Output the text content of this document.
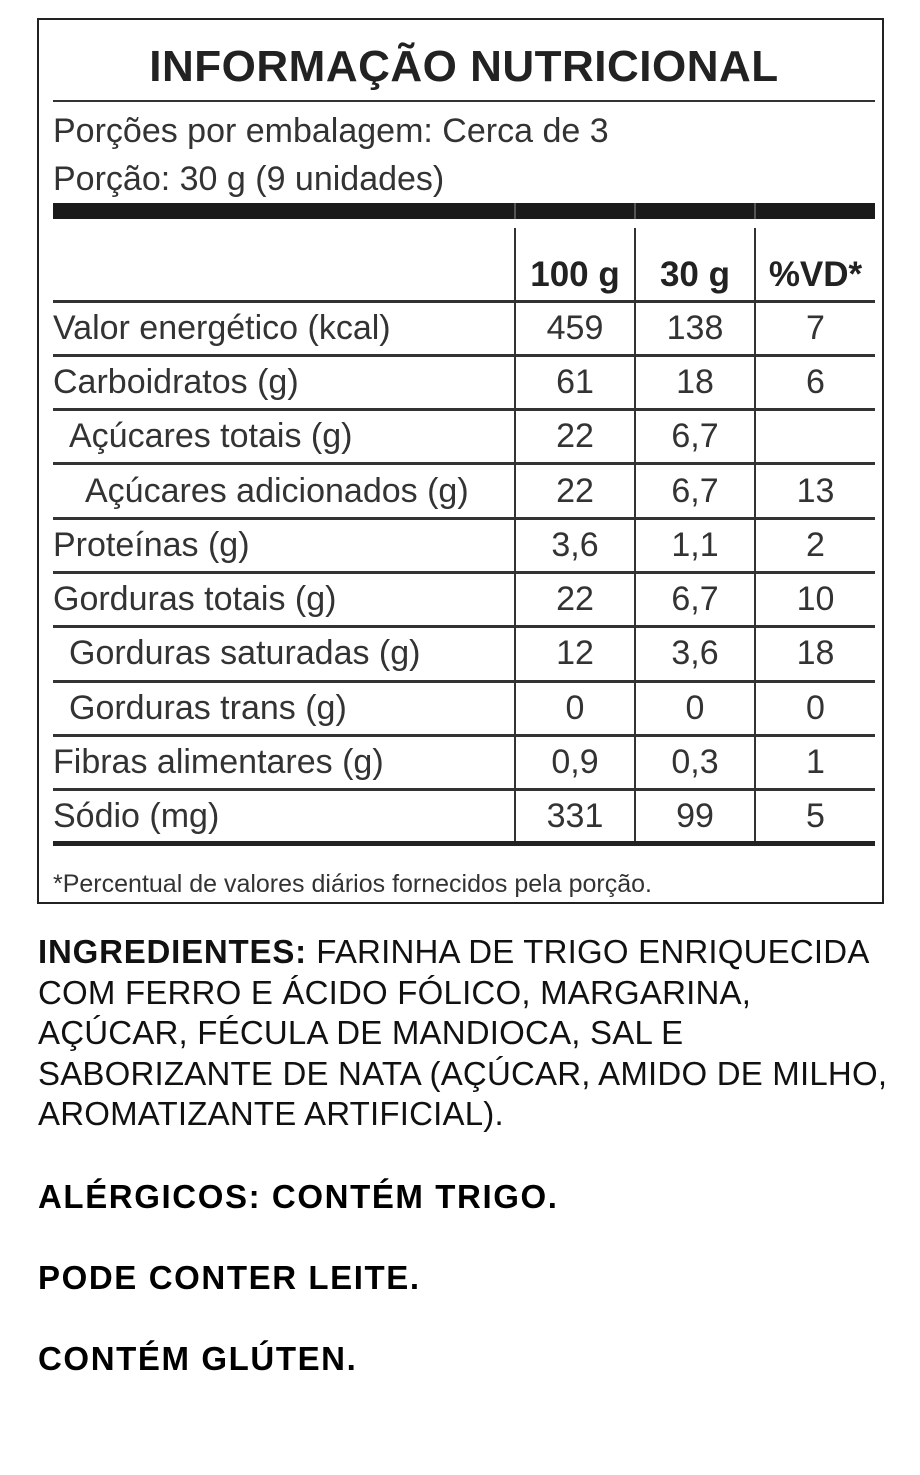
INFORMAÇÃO NUTRICIONAL
Porções por embalagem: Cerca de 3
Porção: 30 g (9 unidades)
	100 g	30 g	%VD*
Valor energético (kcal)	459	138	7
Carboidratos (g)	61	18	6
Açúcares totais (g)	22	6,7	
Açúcares adicionados (g)	22	6,7	13
Proteínas (g)	3,6	1,1	2
Gorduras totais (g)	22	6,7	10
Gorduras saturadas (g)	12	3,6	18
Gorduras trans (g)	0	0	0
Fibras alimentares (g)	0,9	0,3	1
Sódio (mg)	331	99	5
*Percentual de valores diários fornecidos pela porção.
INGREDIENTES: FARINHA DE TRIGO ENRIQUECIDA COM FERRO E ÁCIDO FÓLICO, MARGARINA, AÇÚCAR, FÉCULA DE MANDIOCA, SAL E SABORIZANTE DE NATA (AÇÚCAR, AMIDO DE MILHO, AROMATIZANTE ARTIFICIAL).
ALÉRGICOS: CONTÉM TRIGO.
PODE CONTER LEITE.
CONTÉM GLÚTEN.
